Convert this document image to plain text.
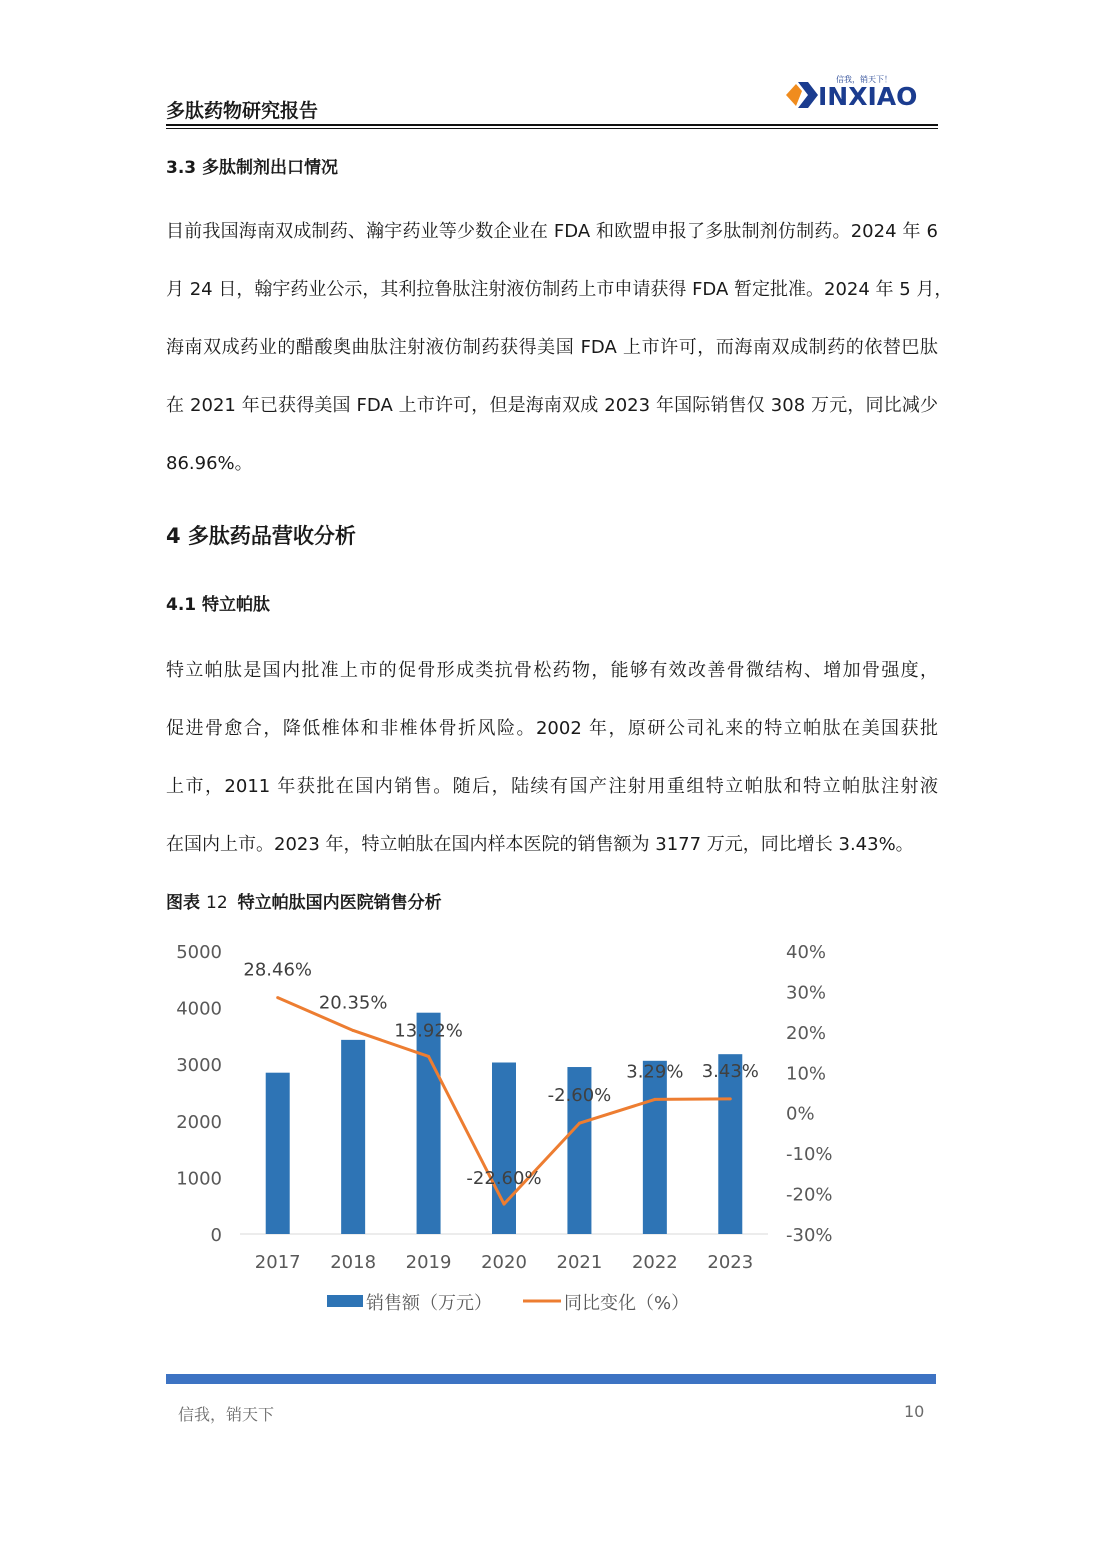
多肽药物研究报告
信我，销天下！
INXIAO
3.3 多肽制剂出口情况
目前我国海南双成制药、瀚宇药业等少数企业在 FDA 和欧盟申报了多肽制剂仿制药。2024 年 6
月 24 日，翰宇药业公示，其利拉鲁肽注射液仿制药上市申请获得 FDA 暂定批准。2024 年 5 月，
海南双成药业的醋酸奥曲肽注射液仿制药获得美国 FDA 上市许可，而海南双成制药的依替巴肽
在 2021 年已获得美国 FDA 上市许可，但是海南双成 2023 年国际销售仅 308 万元，同比减少
86.96%。
4 多肽药品营收分析
4.1 特立帕肽
特立帕肽是国内批准上市的促骨形成类抗骨松药物，能够有效改善骨微结构、增加骨强度，
促进骨愈合，降低椎体和非椎体骨折风险。2002 年，原研公司礼来的特立帕肽在美国获批
上市，2011 年获批在国内销售。随后，陆续有国产注射用重组特立帕肽和特立帕肽注射液
在国内上市。2023 年，特立帕肽在国内样本医院的销售额为 3177 万元，同比增长 3.43%。
图表 12 特立帕肽国内医院销售分析
5000
4000
3000
2000
1000
0
40%
30%
20%
10%
0%
-10%
-20%
-30%
28.46%
20.35%
13.92%
-22.60%
-2.60%
3.29% 3.43%
2017 2018 2019 2020 2021 2022 2023
销售额（万元）	同比变化（%）
信我，销天下	10
